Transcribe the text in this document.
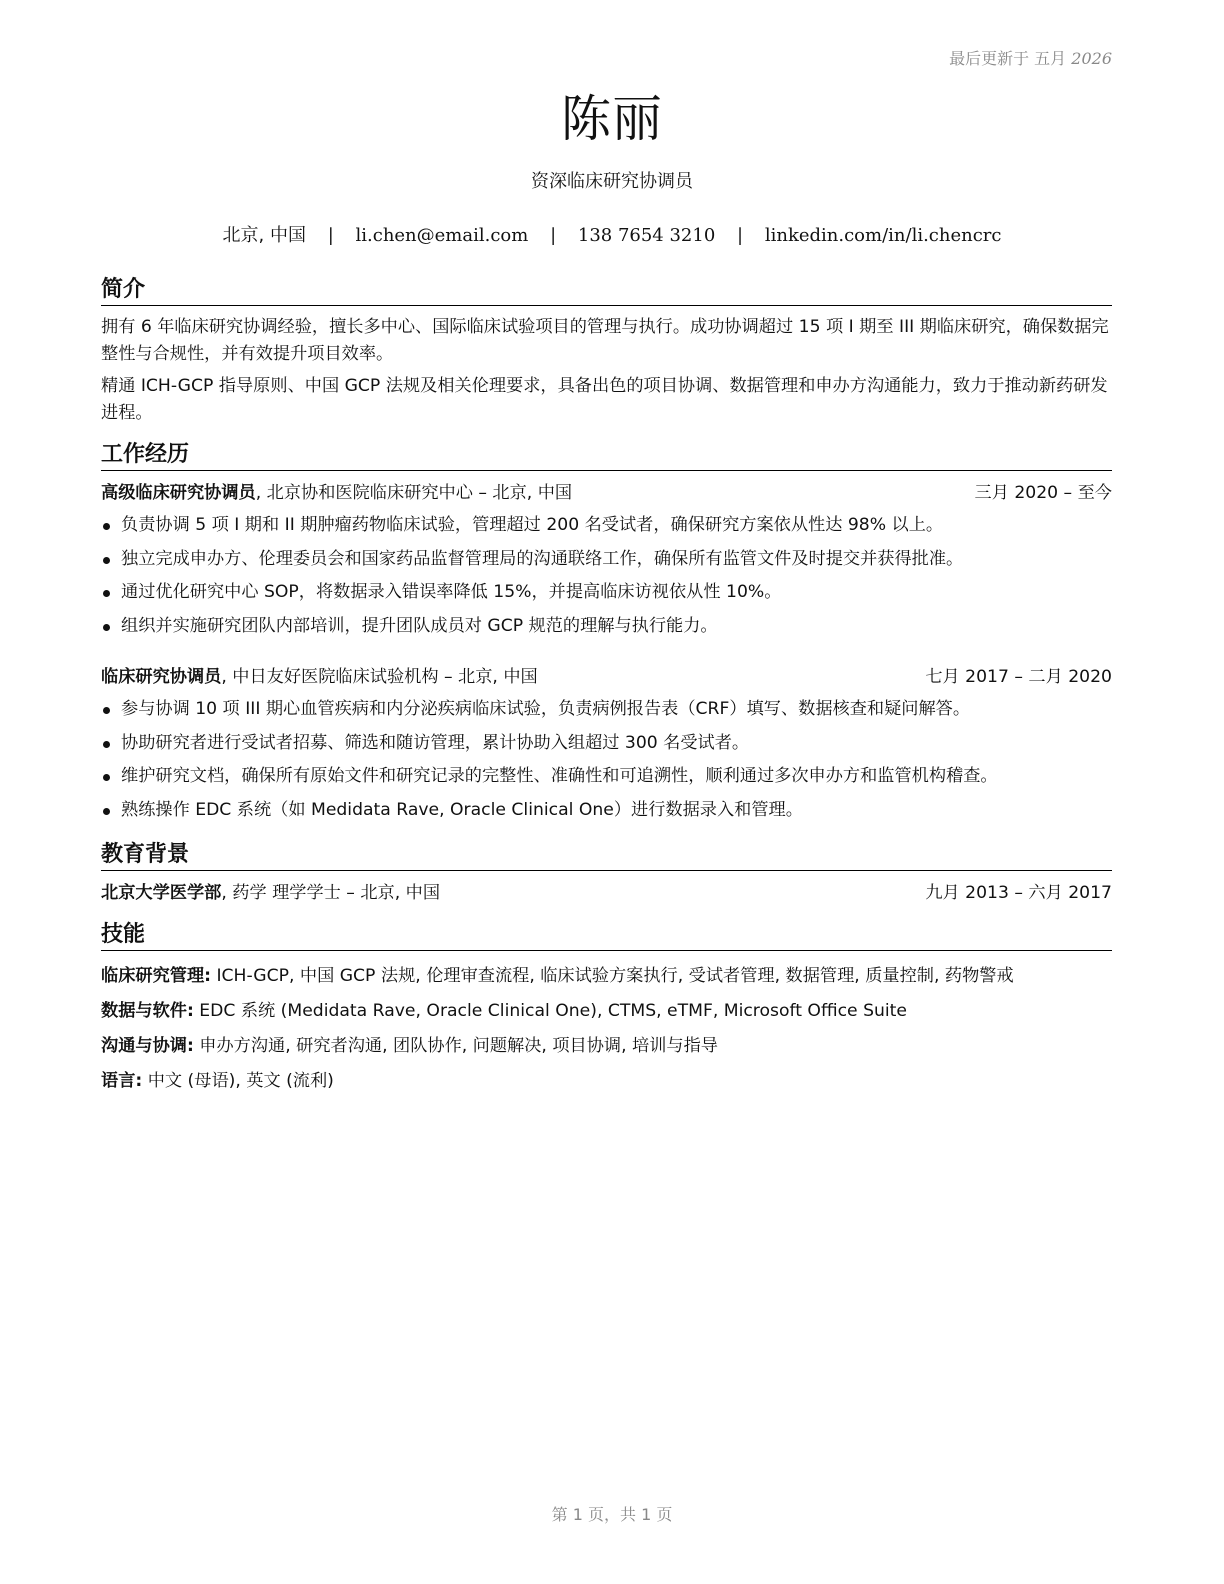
最后更新于 五月 2026
陈丽
资深临床研究协调员
北京, 中国 | li.chen@email.com | 138 7654 3210 | linkedin.com/in/li.chencrc
简介

拥有 6 年临床研究协调经验，擅长多中心、国际临床试验项目的管理与执行。成功协调超过 15 项 I 期至 III 期临床研究，确保数据完整性与合规性，并有效提升项目效率。

精通 ICH-GCP 指导原则、中国 GCP 法规及相关伦理要求，具备出色的项目协调、数据管理和申办方沟通能力，致力于推动新药研发进程。

工作经历
高级临床研究协调员, 北京协和医院临床研究中心 – 北京, 中国	三月 2020 – 至今
负责协调 5 项 I 期和 II 期肿瘤药物临床试验，管理超过 200 名受试者，确保研究方案依从性达 98% 以上。
独立完成申办方、伦理委员会和国家药品监督管理局的沟通联络工作，确保所有监管文件及时提交并获得批准。
通过优化研究中心 SOP，将数据录入错误率降低 15%，并提高临床访视依从性 10%。
组织并实施研究团队内部培训，提升团队成员对 GCP 规范的理解与执行能力。
临床研究协调员, 中日友好医院临床试验机构 – 北京, 中国	七月 2017 – 二月 2020
参与协调 10 项 III 期心血管疾病和内分泌疾病临床试验，负责病例报告表（CRF）填写、数据核查和疑问解答。
协助研究者进行受试者招募、筛选和随访管理，累计协助入组超过 300 名受试者。
维护研究文档，确保所有原始文件和研究记录的完整性、准确性和可追溯性，顺利通过多次申办方和监管机构稽查。
熟练操作 EDC 系统（如 Medidata Rave, Oracle Clinical One）进行数据录入和管理。
教育背景
北京大学医学部, 药学 理学学士 – 北京, 中国	九月 2013 – 六月 2017
技能
临床研究管理: ICH-GCP, 中国 GCP 法规, 伦理审查流程, 临床试验方案执行, 受试者管理, 数据管理, 质量控制, 药物警戒
数据与软件: EDC 系统 (Medidata Rave, Oracle Clinical One), CTMS, eTMF, Microsoft Office Suite
沟通与协调: 申办方沟通, 研究者沟通, 团队协作, 问题解决, 项目协调, 培训与指导
语言: 中文 (母语), 英文 (流利)
第 1 页，共 1 页
